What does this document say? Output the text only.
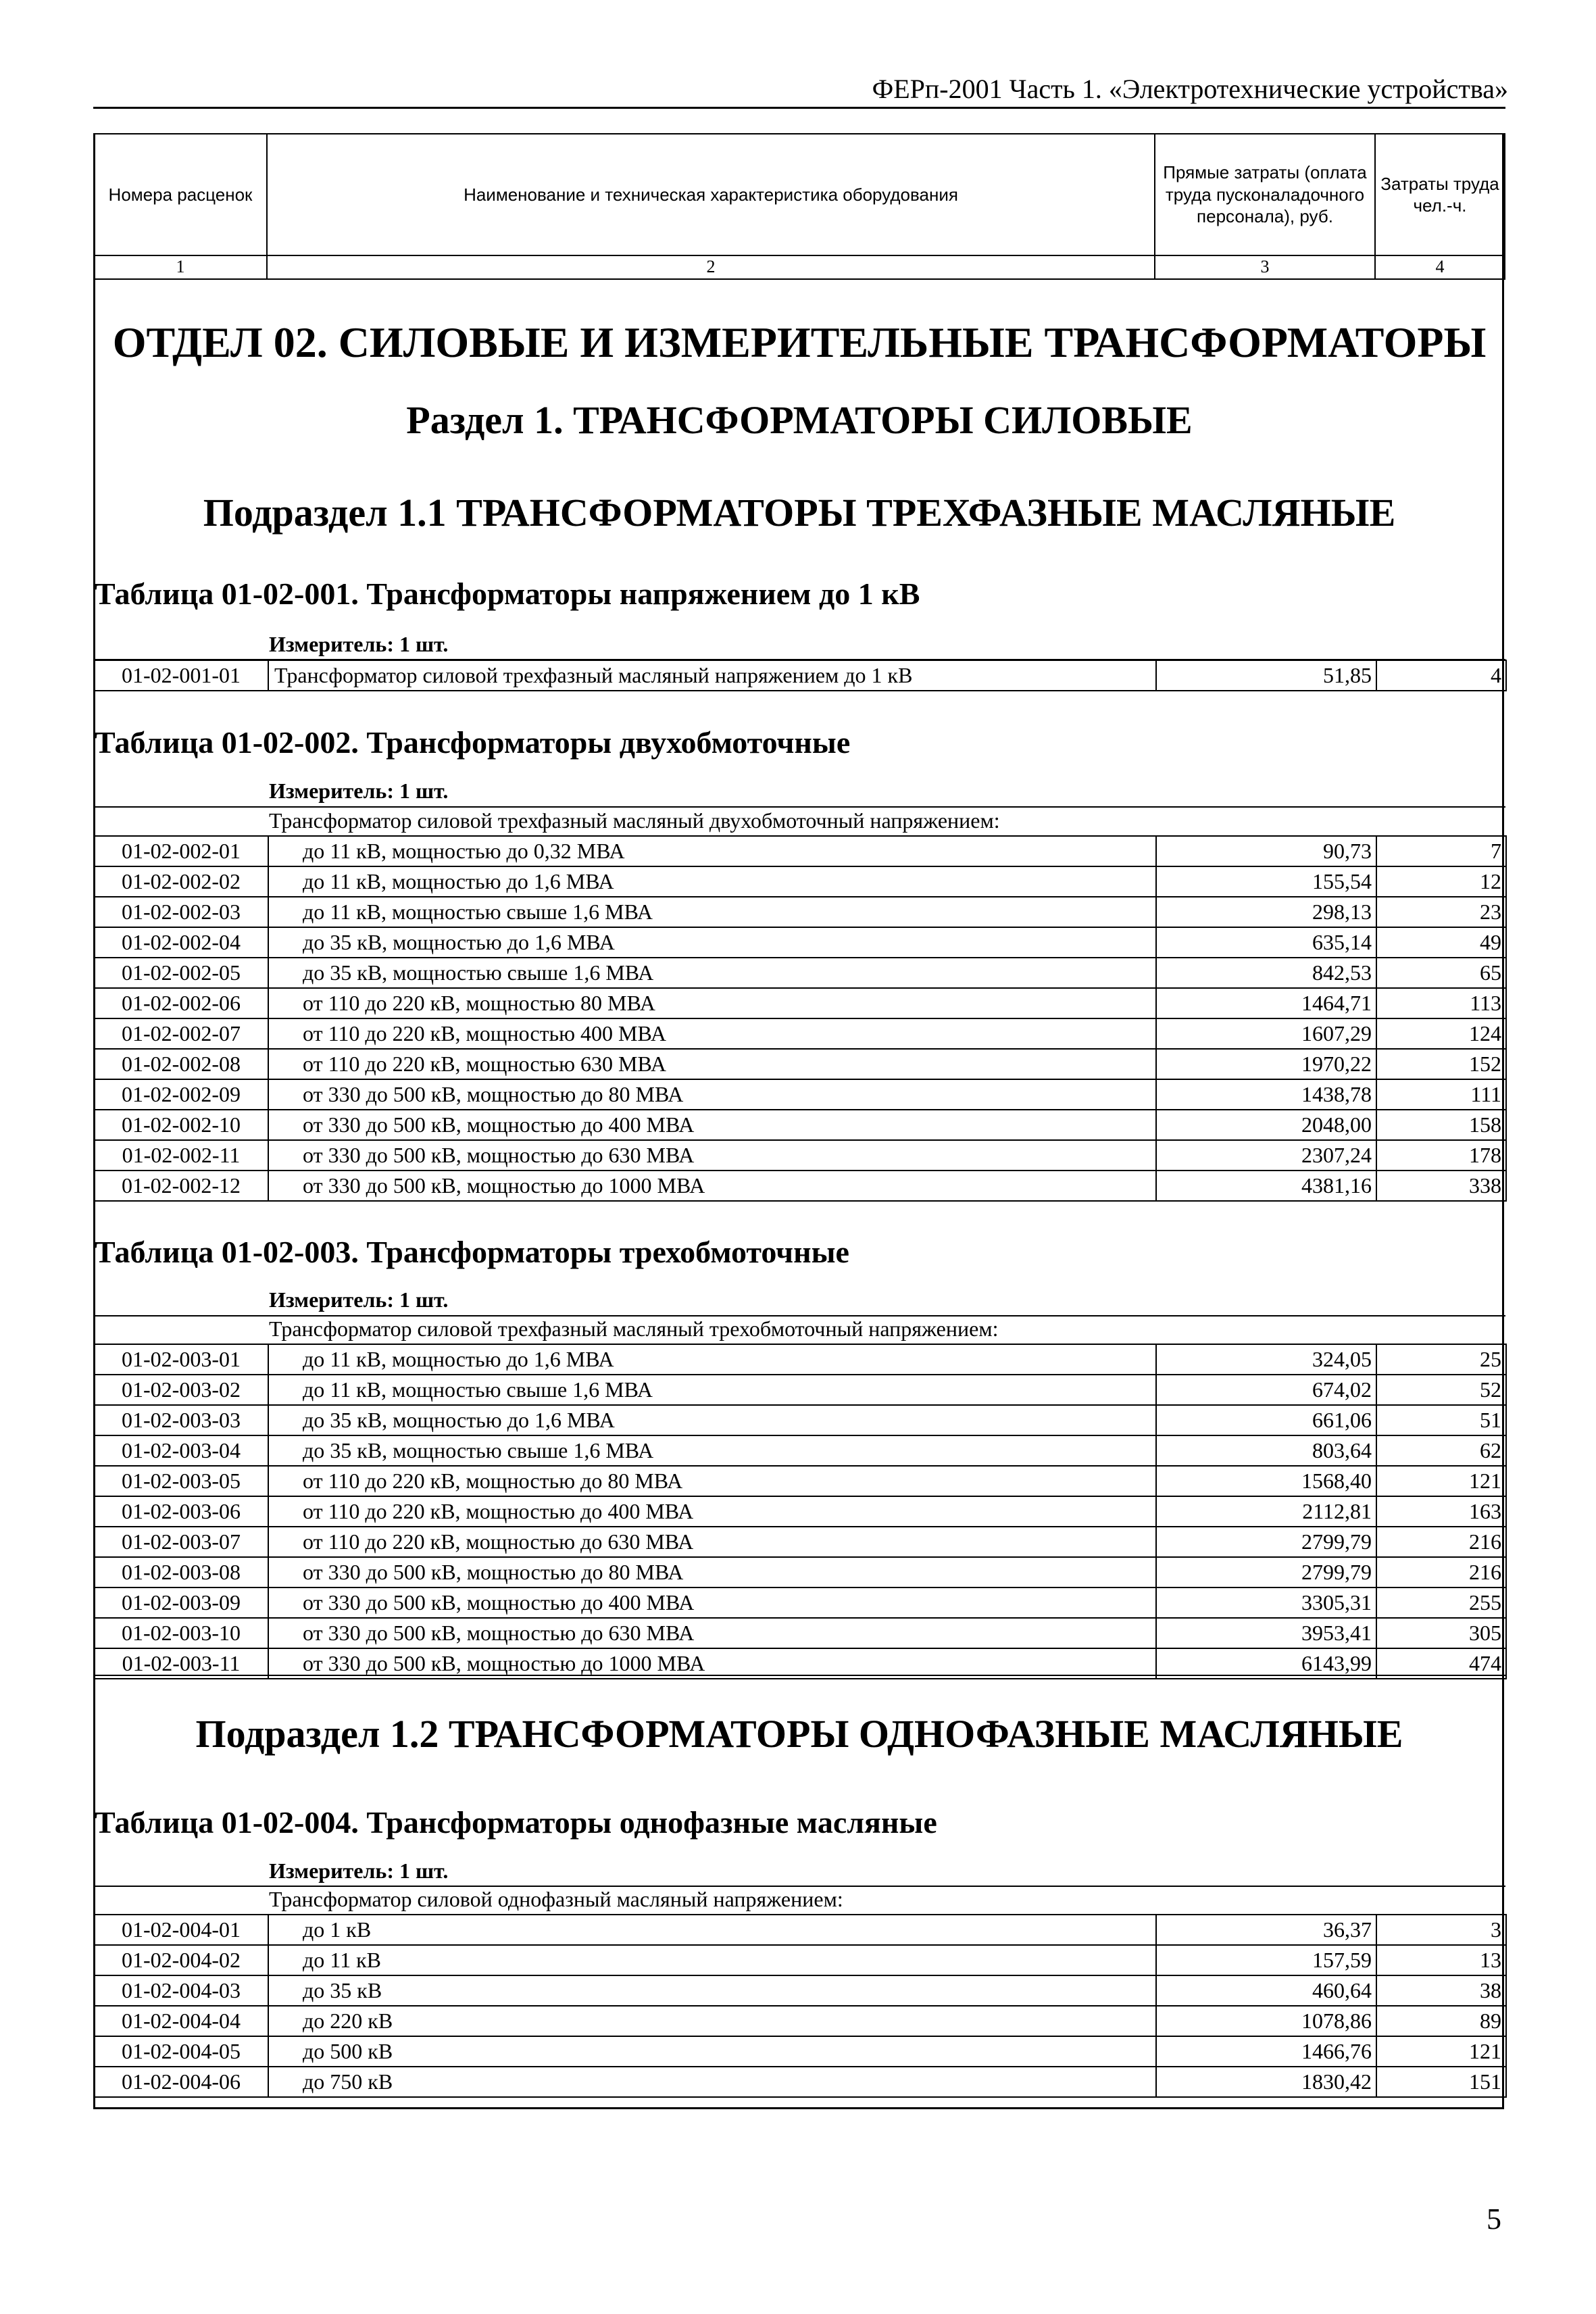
ФЕРп-2001 Часть 1. «Электротехнические устройства»
Номера расценок	Наименование и техническая характеристика оборудования	Прямые затраты (оплата труда пусконаладочного персонала), руб.	Затраты труда чел.-ч.
1	2	3	4
ОТДЕЛ 02. СИЛОВЫЕ И ИЗМЕРИТЕЛЬНЫЕ ТРАНСФОРМАТОРЫ
Раздел 1. ТРАНСФОРМАТОРЫ СИЛОВЫЕ
Подраздел 1.1 ТРАНСФОРМАТОРЫ ТРЕХФАЗНЫЕ МАСЛЯНЫЕ
Таблица 01-02-001. Трансформаторы напряжением до 1 кВ
Измеритель: 1 шт.
01-02-001-01	Трансформатор силовой трехфазный масляный напряжением до 1 кВ	51,85	4
Таблица 01-02-002. Трансформаторы двухобмоточные
Измеритель: 1 шт.
Трансформатор силовой трехфазный масляный двухобмоточный напряжением:
01-02-002-01	до 11 кВ, мощностью до 0,32 МВА	90,73	7
01-02-002-02	до 11 кВ, мощностью до 1,6 МВА	155,54	12
01-02-002-03	до 11 кВ, мощностью свыше 1,6 МВА	298,13	23
01-02-002-04	до 35 кВ, мощностью до 1,6 МВА	635,14	49
01-02-002-05	до 35 кВ, мощностью свыше 1,6 МВА	842,53	65
01-02-002-06	от 110 до 220 кВ, мощностью 80 МВА	1464,71	113
01-02-002-07	от 110 до 220 кВ, мощностью 400 МВА	1607,29	124
01-02-002-08	от 110 до 220 кВ, мощностью 630 МВА	1970,22	152
01-02-002-09	от 330 до 500 кВ, мощностью до 80 МВА	1438,78	111
01-02-002-10	от 330 до 500 кВ, мощностью до 400 МВА	2048,00	158
01-02-002-11	от 330 до 500 кВ, мощностью до 630 МВА	2307,24	178
01-02-002-12	от 330 до 500 кВ, мощностью до 1000 МВА	4381,16	338
Таблица 01-02-003. Трансформаторы трехобмоточные
Измеритель: 1 шт.
Трансформатор силовой трехфазный масляный трехобмоточный напряжением:
01-02-003-01	до 11 кВ, мощностью до 1,6 МВА	324,05	25
01-02-003-02	до 11 кВ, мощностью свыше 1,6 МВА	674,02	52
01-02-003-03	до 35 кВ, мощностью до 1,6 МВА	661,06	51
01-02-003-04	до 35 кВ, мощностью свыше 1,6 МВА	803,64	62
01-02-003-05	от 110 до 220 кВ, мощностью до 80 МВА	1568,40	121
01-02-003-06	от 110 до 220 кВ, мощностью до 400 МВА	2112,81	163
01-02-003-07	от 110 до 220 кВ, мощностью до 630 МВА	2799,79	216
01-02-003-08	от 330 до 500 кВ, мощностью до 80 МВА	2799,79	216
01-02-003-09	от 330 до 500 кВ, мощностью до 400 МВА	3305,31	255
01-02-003-10	от 330 до 500 кВ, мощностью до 630 МВА	3953,41	305
01-02-003-11	от 330 до 500 кВ, мощностью до 1000 МВА	6143,99	474
Подраздел 1.2 ТРАНСФОРМАТОРЫ ОДНОФАЗНЫЕ МАСЛЯНЫЕ
Таблица 01-02-004. Трансформаторы однофазные масляные
Измеритель: 1 шт.
Трансформатор силовой однофазный масляный напряжением:
01-02-004-01	до 1 кВ	36,37	3
01-02-004-02	до 11 кВ	157,59	13
01-02-004-03	до 35 кВ	460,64	38
01-02-004-04	до 220 кВ	1078,86	89
01-02-004-05	до 500 кВ	1466,76	121
01-02-004-06	до 750 кВ	1830,42	151
5
